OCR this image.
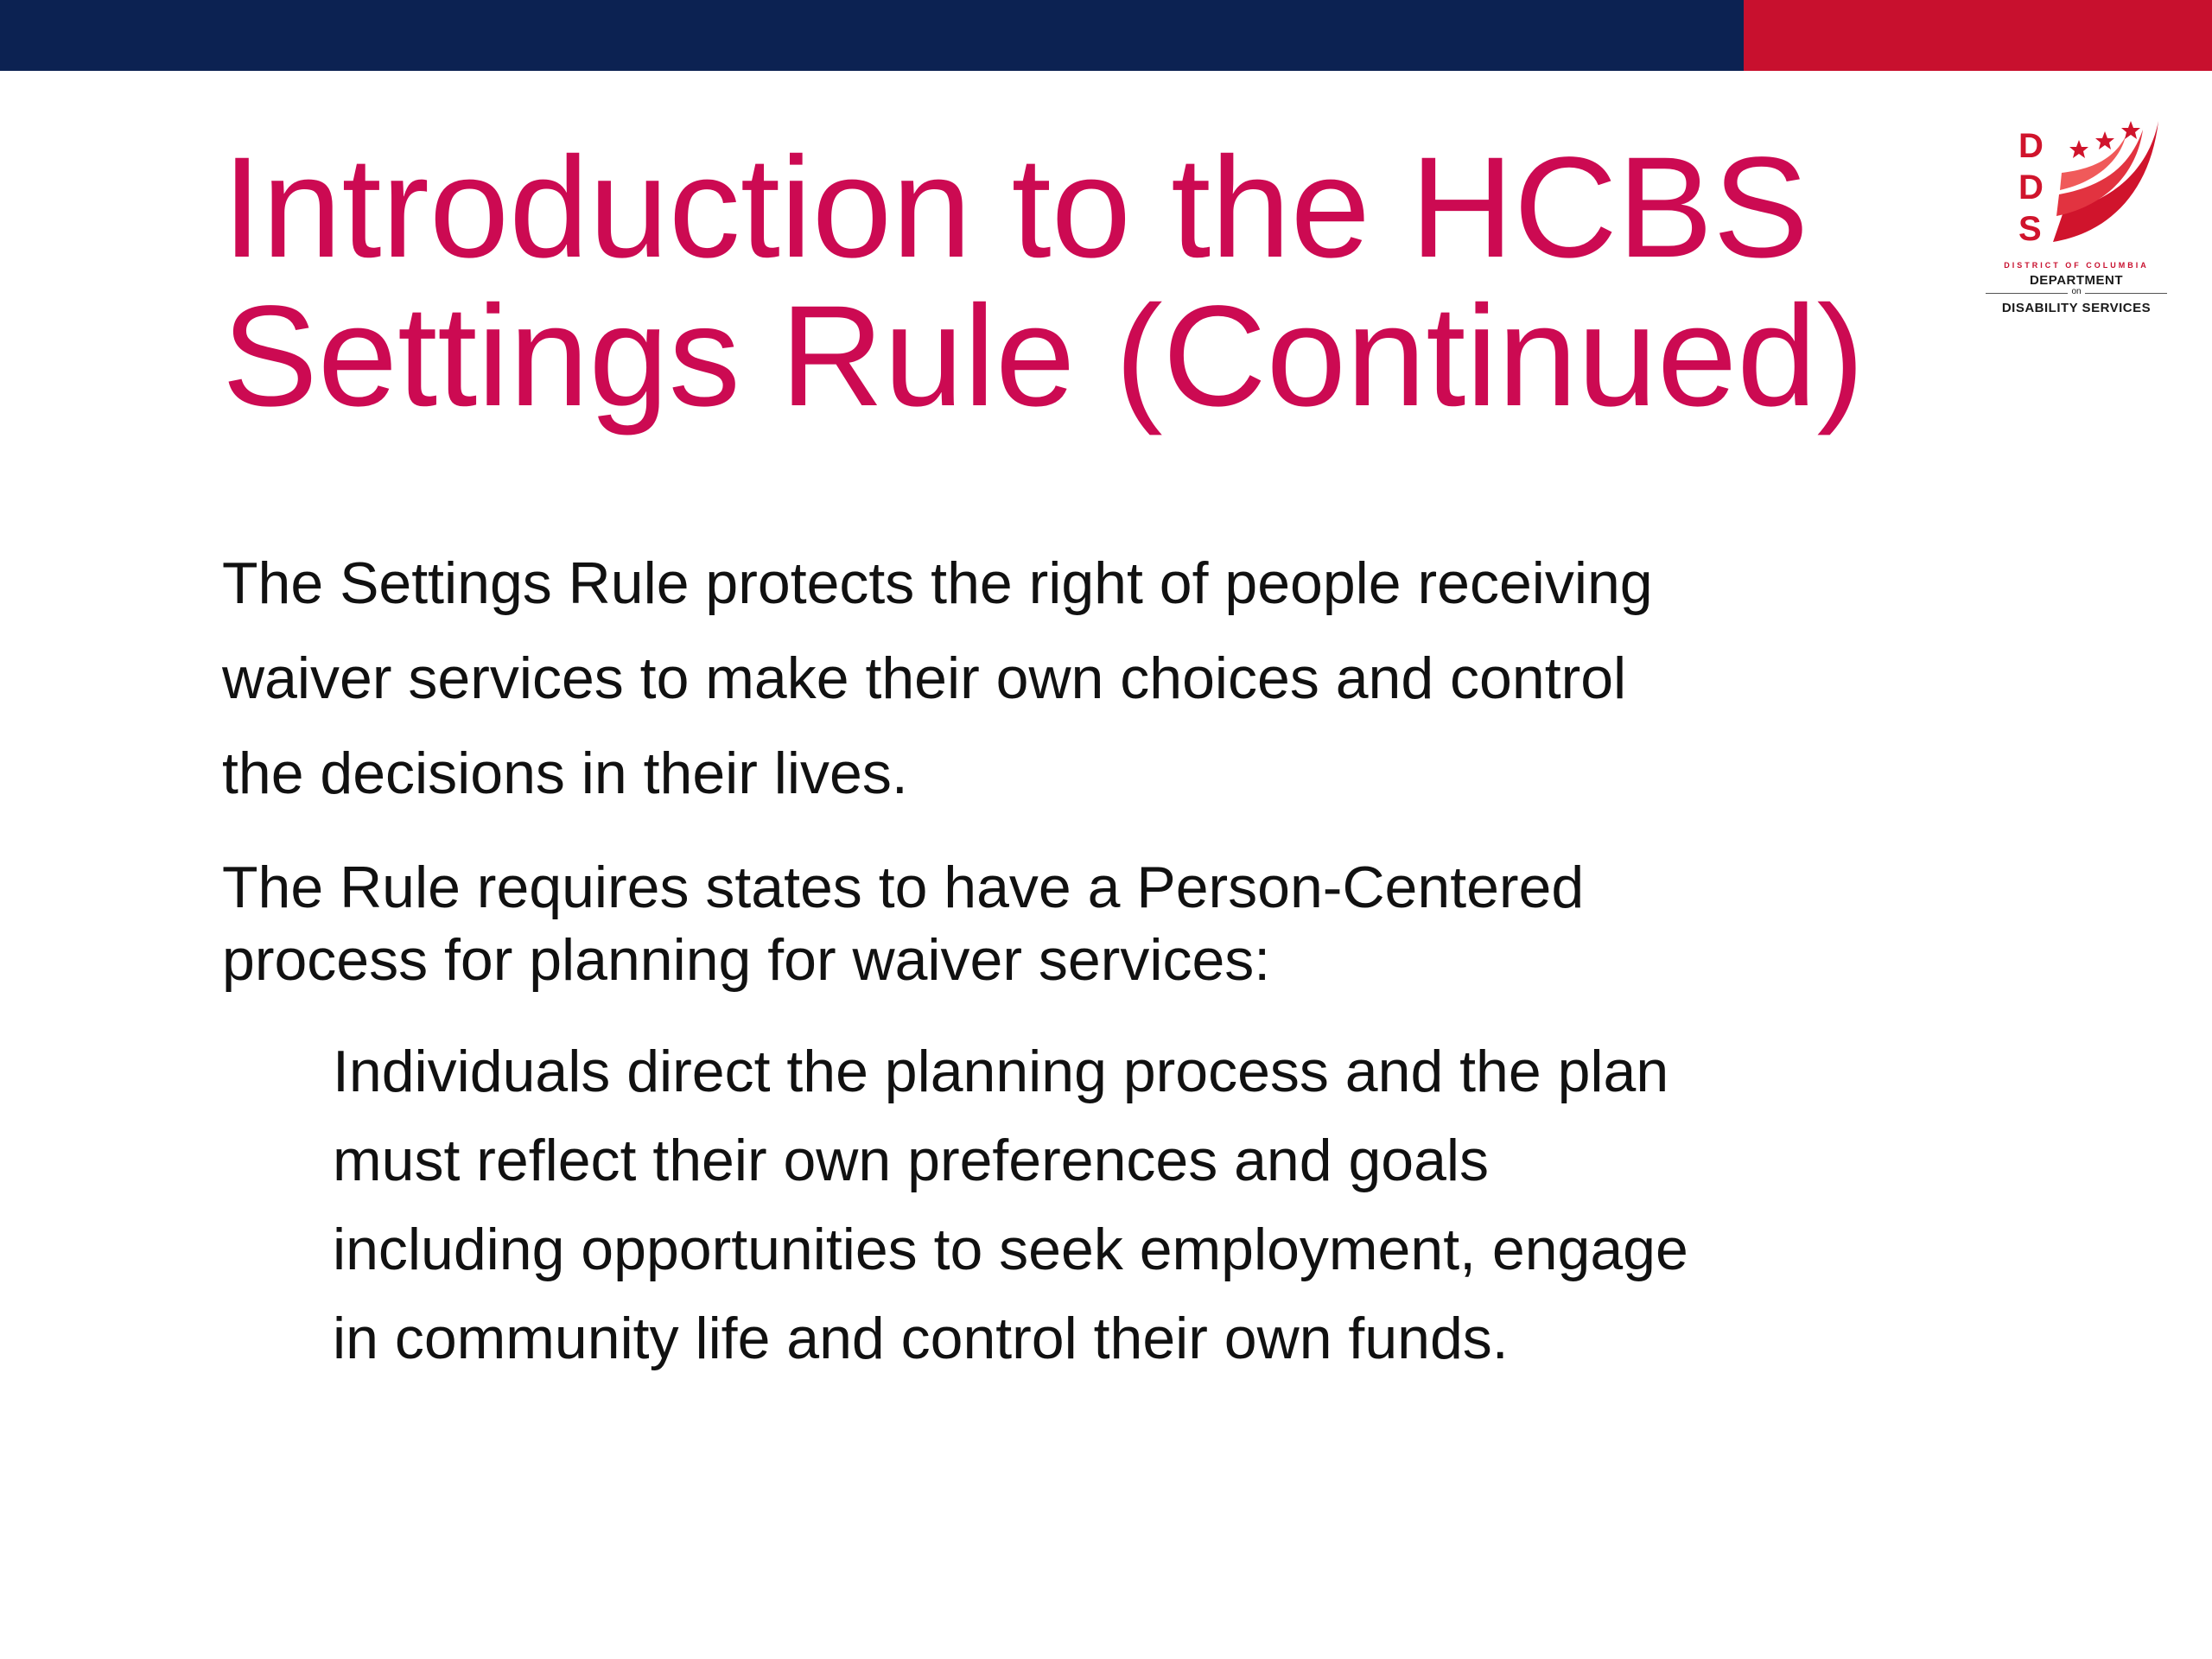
Introduction to the HCBS
Settings Rule (Continued)
D
D
S
DISTRICT OF COLUMBIA
DEPARTMENT
on
DISABILITY SERVICES

The Settings Rule protects the right of people receiving
waiver services to make their own choices and control
the decisions in their lives.

The Rule requires states to have a Person-Centered
process for planning for waiver services:

Individuals direct the planning process and the plan
must reflect their own preferences and goals
including opportunities to seek employment, engage
in community life and control their own funds.
